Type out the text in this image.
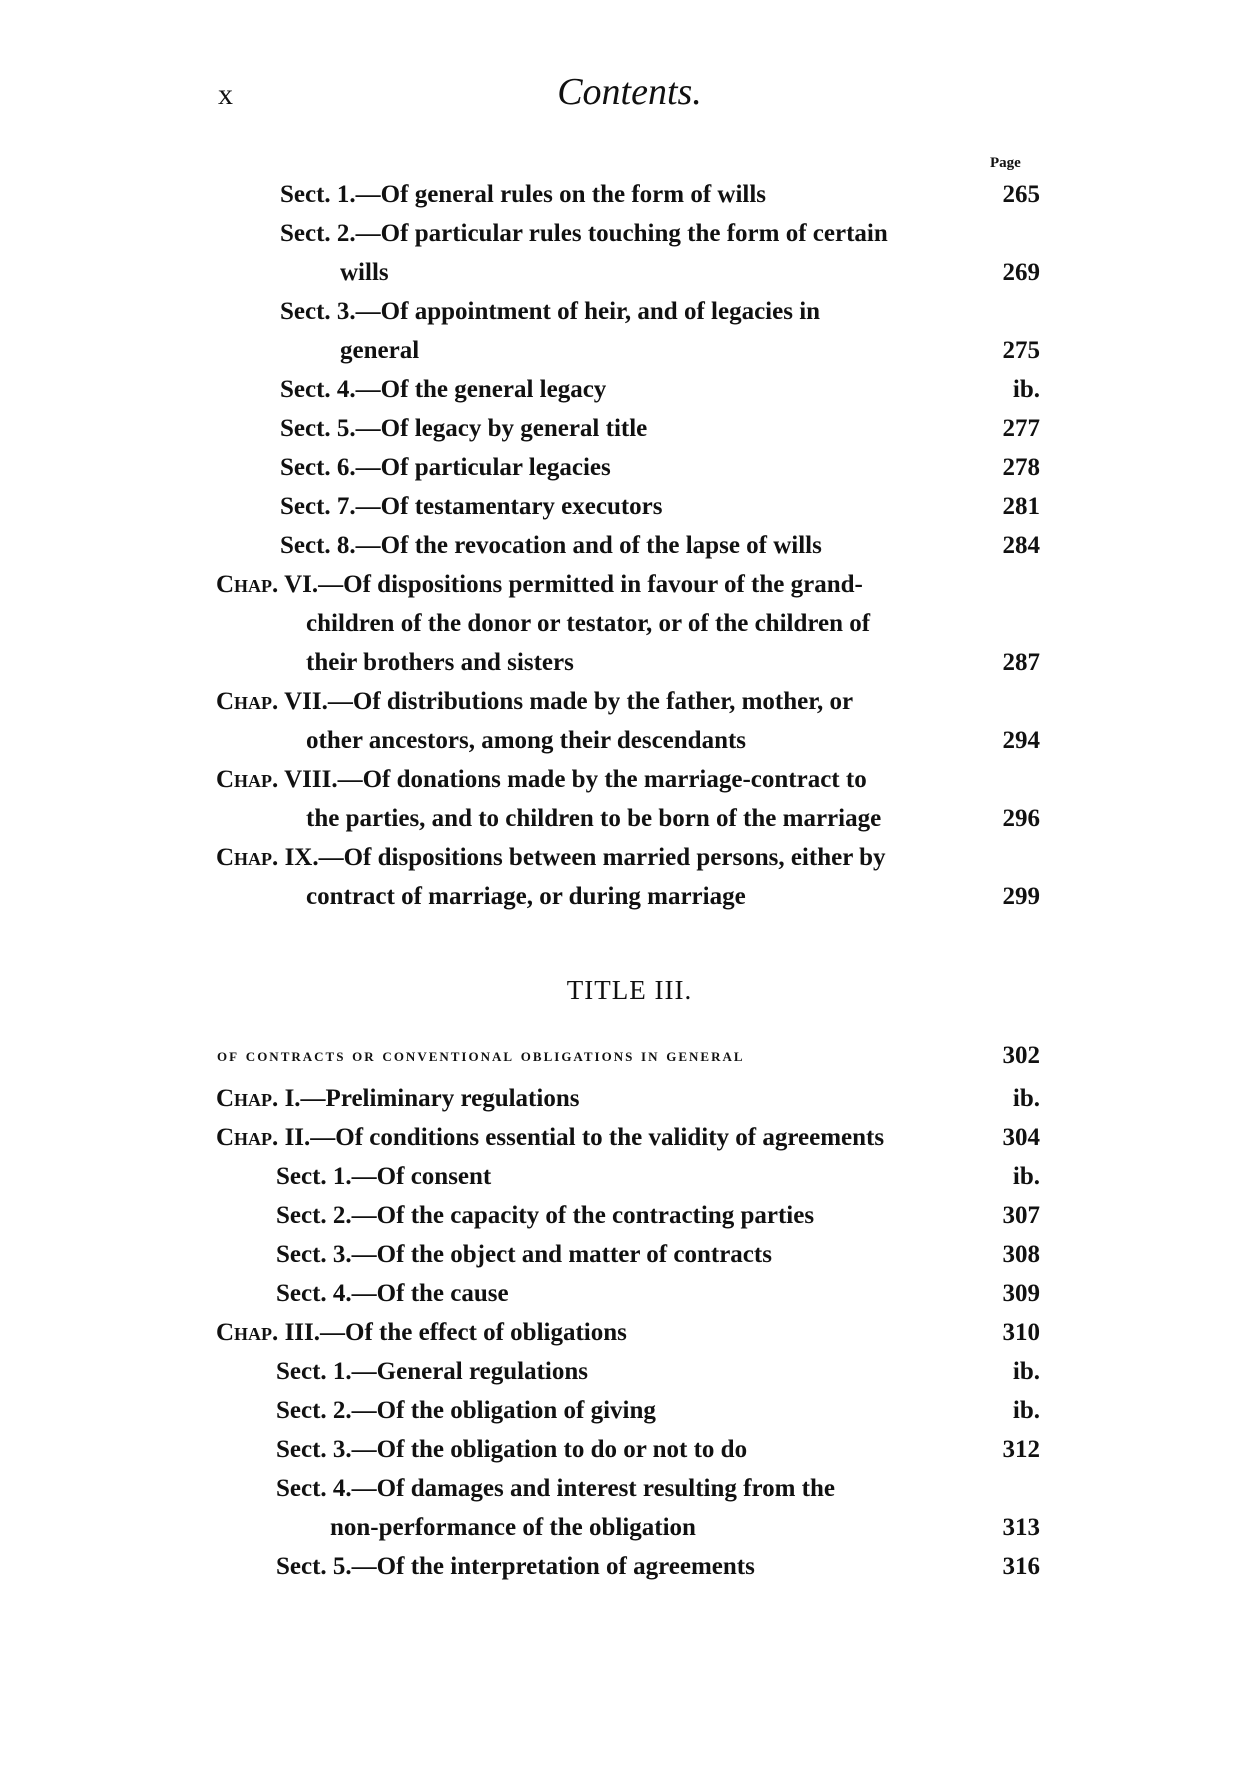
x	Contents.
Page
Sect. 1.—Of general rules on the form of wills	265
Sect. 2.—Of particular rules touching the form of certain
wills	269
Sect. 3.—Of appointment of heir, and of legacies in
general	275
Sect. 4.—Of the general legacy	ib.
Sect. 5.—Of legacy by general title	277
Sect. 6.—Of particular legacies	278
Sect. 7.—Of testamentary executors	281
Sect. 8.—Of the revocation and of the lapse of wills	284
Chap. VI.—Of dispositions permitted in favour of the grand-
children of the donor or testator, or of the children of
their brothers and sisters	287
Chap. VII.—Of distributions made by the father, mother, or
other ancestors, among their descendants	294
Chap. VIII.—Of donations made by the marriage-contract to
the parties, and to children to be born of the marriage	296
Chap. IX.—Of dispositions between married persons, either by
contract of marriage, or during marriage	299
TITLE III.
of contracts or conventional obligations in general	302
Chap. I.—Preliminary regulations	ib.
Chap. II.—Of conditions essential to the validity of agreements	304
Sect. 1.—Of consent	ib.
Sect. 2.—Of the capacity of the contracting parties	307
Sect. 3.—Of the object and matter of contracts	308
Sect. 4.—Of the cause	309
Chap. III.—Of the effect of obligations	310
Sect. 1.—General regulations	ib.
Sect. 2.—Of the obligation of giving	ib.
Sect. 3.—Of the obligation to do or not to do	312
Sect. 4.—Of damages and interest resulting from the
non-performance of the obligation	313
Sect. 5.—Of the interpretation of agreements	316
